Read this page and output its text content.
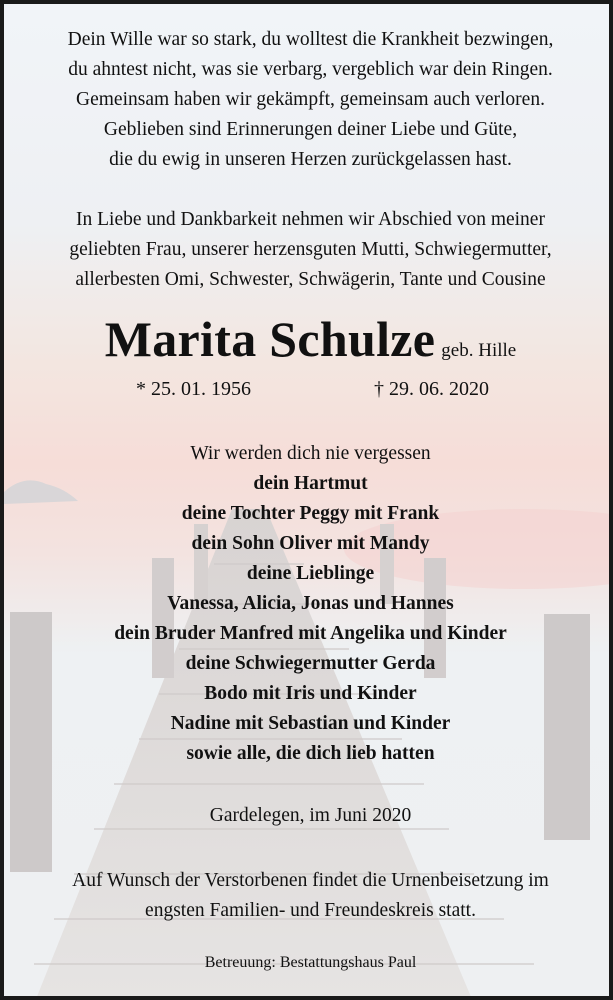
Dein Wille war so stark, du wolltest die Krankheit bezwingen,
du ahntest nicht, was sie verbarg, vergeblich war dein Ringen.
Gemeinsam haben wir gekämpft, gemeinsam auch verloren.
Geblieben sind Erinnerungen deiner Liebe und Güte,
die du ewig in unseren Herzen zurückgelassen hast.
In Liebe und Dankbarkeit nehmen wir Abschied von meiner
geliebten Frau, unserer herzensguten Mutti, Schwiegermutter,
allerbesten Omi, Schwester, Schwägerin, Tante und Cousine
Marita Schulze geb. Hille
* 25. 01. 1956	† 29. 06. 2020
Wir werden dich nie vergessen
dein Hartmut
deine Tochter Peggy mit Frank
dein Sohn Oliver mit Mandy
deine Lieblinge
Vanessa, Alicia, Jonas und Hannes
dein Bruder Manfred mit Angelika und Kinder
deine Schwiegermutter Gerda
Bodo mit Iris und Kinder
Nadine mit Sebastian und Kinder
sowie alle, die dich lieb hatten
Gardelegen, im Juni 2020
Auf Wunsch der Verstorbenen findet die Urnenbeisetzung im
engsten Familien- und Freundeskreis statt.
Betreuung: Bestattungshaus Paul
